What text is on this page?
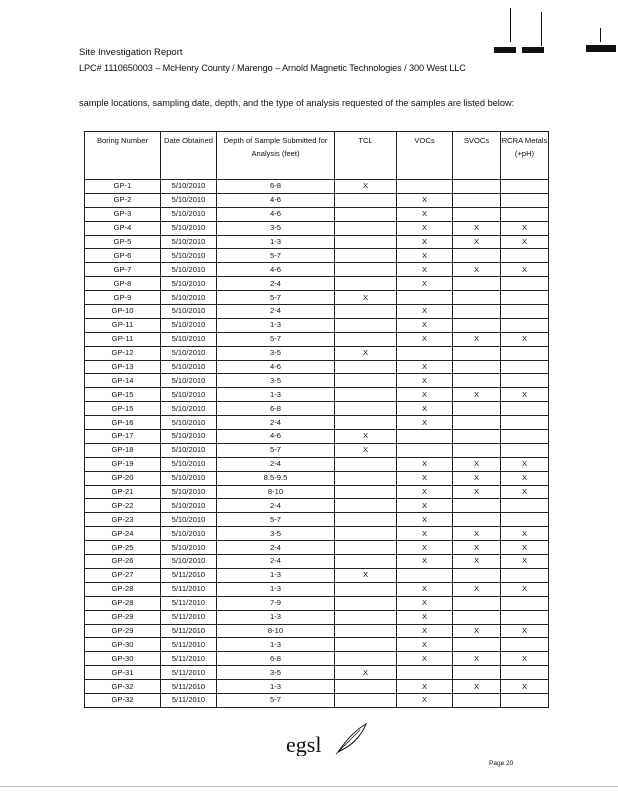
Site Investigation Report
LPC# 1110650003 – McHenry County / Marengo – Arnold Magnetic Technologies / 300 West LLC
sample locations, sampling date, depth, and the type of analysis requested of the samples are listed below:
Boring Number	Date Obtained	Depth of Sample Submitted for Analysis (feet)	TCL	VOCs	SVOCs	RCRA Metals (+pH)
GP-1	5/10/2010	6-8	X			
GP-2	5/10/2010	4-6		X		
GP-3	5/10/2010	4-6		X		
GP-4	5/10/2010	3-5		X	X	X
GP-5	5/10/2010	1-3		X	X	X
GP-6	5/10/2010	5-7		X		
GP-7	5/10/2010	4-6		X	X	X
GP-8	5/10/2010	2-4		X		
GP-9	5/10/2010	5-7	X			
GP-10	5/10/2010	2-4		X		
GP-11	5/10/2010	1-3		X		
GP-11	5/10/2010	5-7		X	X	X
GP-12	5/10/2010	3-5	X			
GP-13	5/10/2010	4-6		X		
GP-14	5/10/2010	3-5		X		
GP-15	5/10/2010	1-3		X	X	X
GP-15	5/10/2010	6-8		X		
GP-16	5/10/2010	2-4		X		
GP-17	5/10/2010	4-6	X			
GP-18	5/10/2010	5-7	X			
GP-19	5/10/2010	2-4		X	X	X
GP-20	5/10/2010	8.5-9.5		X	X	X
GP-21	5/10/2010	8-10		X	X	X
GP-22	5/10/2010	2-4		X		
GP-23	5/10/2010	5-7		X		
GP-24	5/10/2010	3-5		X	X	X
GP-25	5/10/2010	2-4		X	X	X
GP-26	5/10/2010	2-4		X	X	X
GP-27	5/11/2010	1-3	X			
GP-28	5/11/2010	1-3		X	X	X
GP-28	5/11/2010	7-9		X		
GP-29	5/11/2010	1-3		X		
GP-29	5/11/2010	8-10		X	X	X
GP-30	5/11/2010	1-3		X		
GP-30	5/11/2010	6-8		X	X	X
GP-31	5/11/2010	3-5	X			
GP-32	5/11/2010	1-3		X	X	X
GP-32	5/11/2010	5-7		X		
egsl
Page 20
